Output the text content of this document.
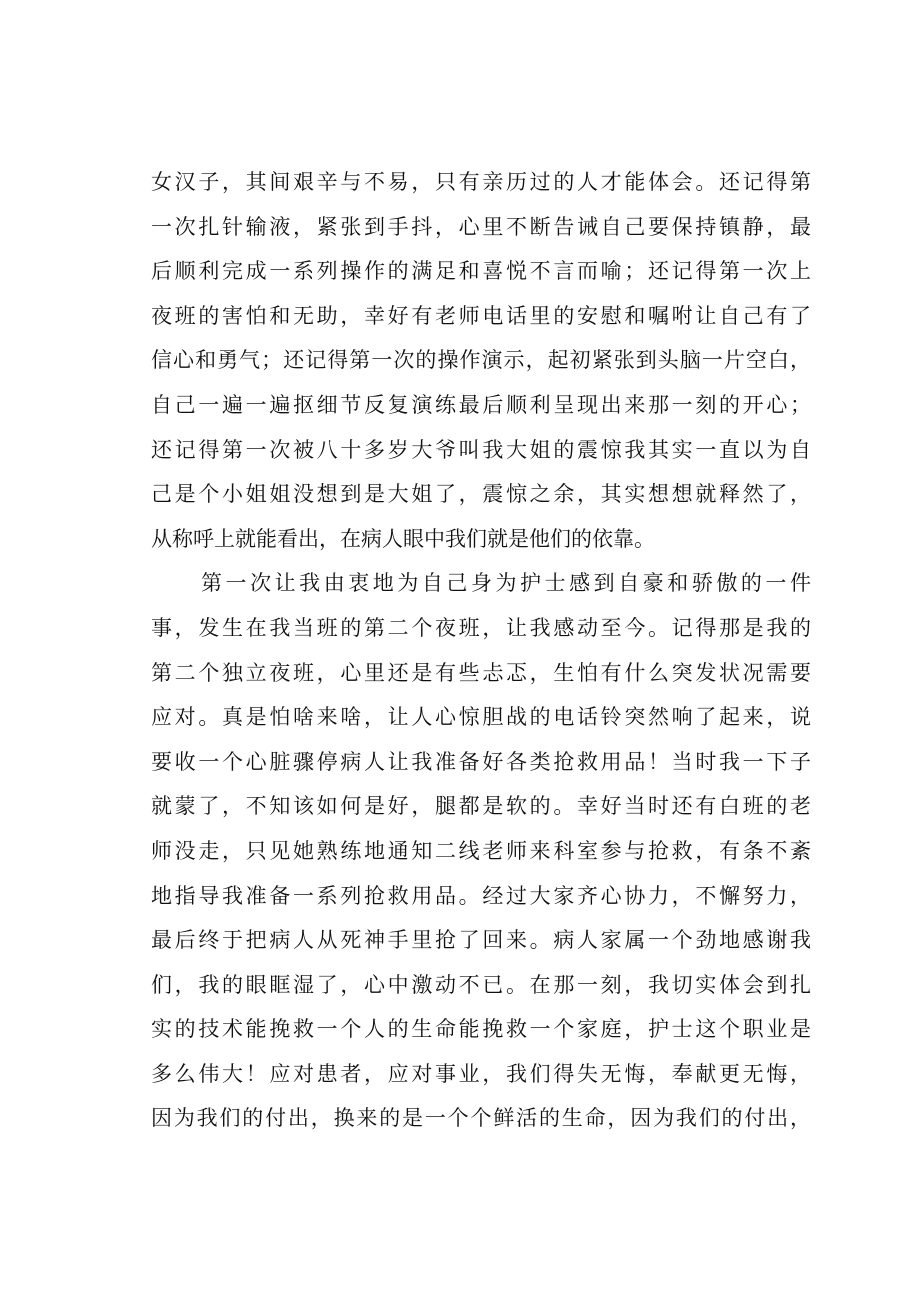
女汉子，其间艰辛与不易，只有亲历过的人才能体会。还记得第
一次扎针输液，紧张到手抖，心里不断告诫自己要保持镇静，最
后顺利完成一系列操作的满足和喜悦不言而喻；还记得第一次上
夜班的害怕和无助，幸好有老师电话里的安慰和嘱咐让自己有了
信心和勇气；还记得第一次的操作演示，起初紧张到头脑一片空白，
自己一遍一遍抠细节反复演练最后顺利呈现出来那一刻的开心；
还记得第一次被八十多岁大爷叫我大姐的震惊我其实一直以为自
己是个小姐姐没想到是大姐了，震惊之余，其实想想就释然了，
从称呼上就能看出，在病人眼中我们就是他们的依靠。
第一次让我由衷地为自己身为护士感到自豪和骄傲的一件
事，发生在我当班的第二个夜班，让我感动至今。记得那是我的
第二个独立夜班，心里还是有些忐忑，生怕有什么突发状况需要
应对。真是怕啥来啥，让人心惊胆战的电话铃突然响了起来，说
要收一个心脏骤停病人让我准备好各类抢救用品！当时我一下子
就蒙了，不知该如何是好，腿都是软的。幸好当时还有白班的老
师没走，只见她熟练地通知二线老师来科室参与抢救，有条不紊
地指导我准备一系列抢救用品。经过大家齐心协力，不懈努力，
最后终于把病人从死神手里抢了回来。病人家属一个劲地感谢我
们，我的眼眶湿了，心中激动不已。在那一刻，我切实体会到扎
实的技术能挽救一个人的生命能挽救一个家庭，护士这个职业是
多么伟大！应对患者，应对事业，我们得失无悔，奉献更无悔，
因为我们的付出，换来的是一个个鲜活的生命，因为我们的付出，
